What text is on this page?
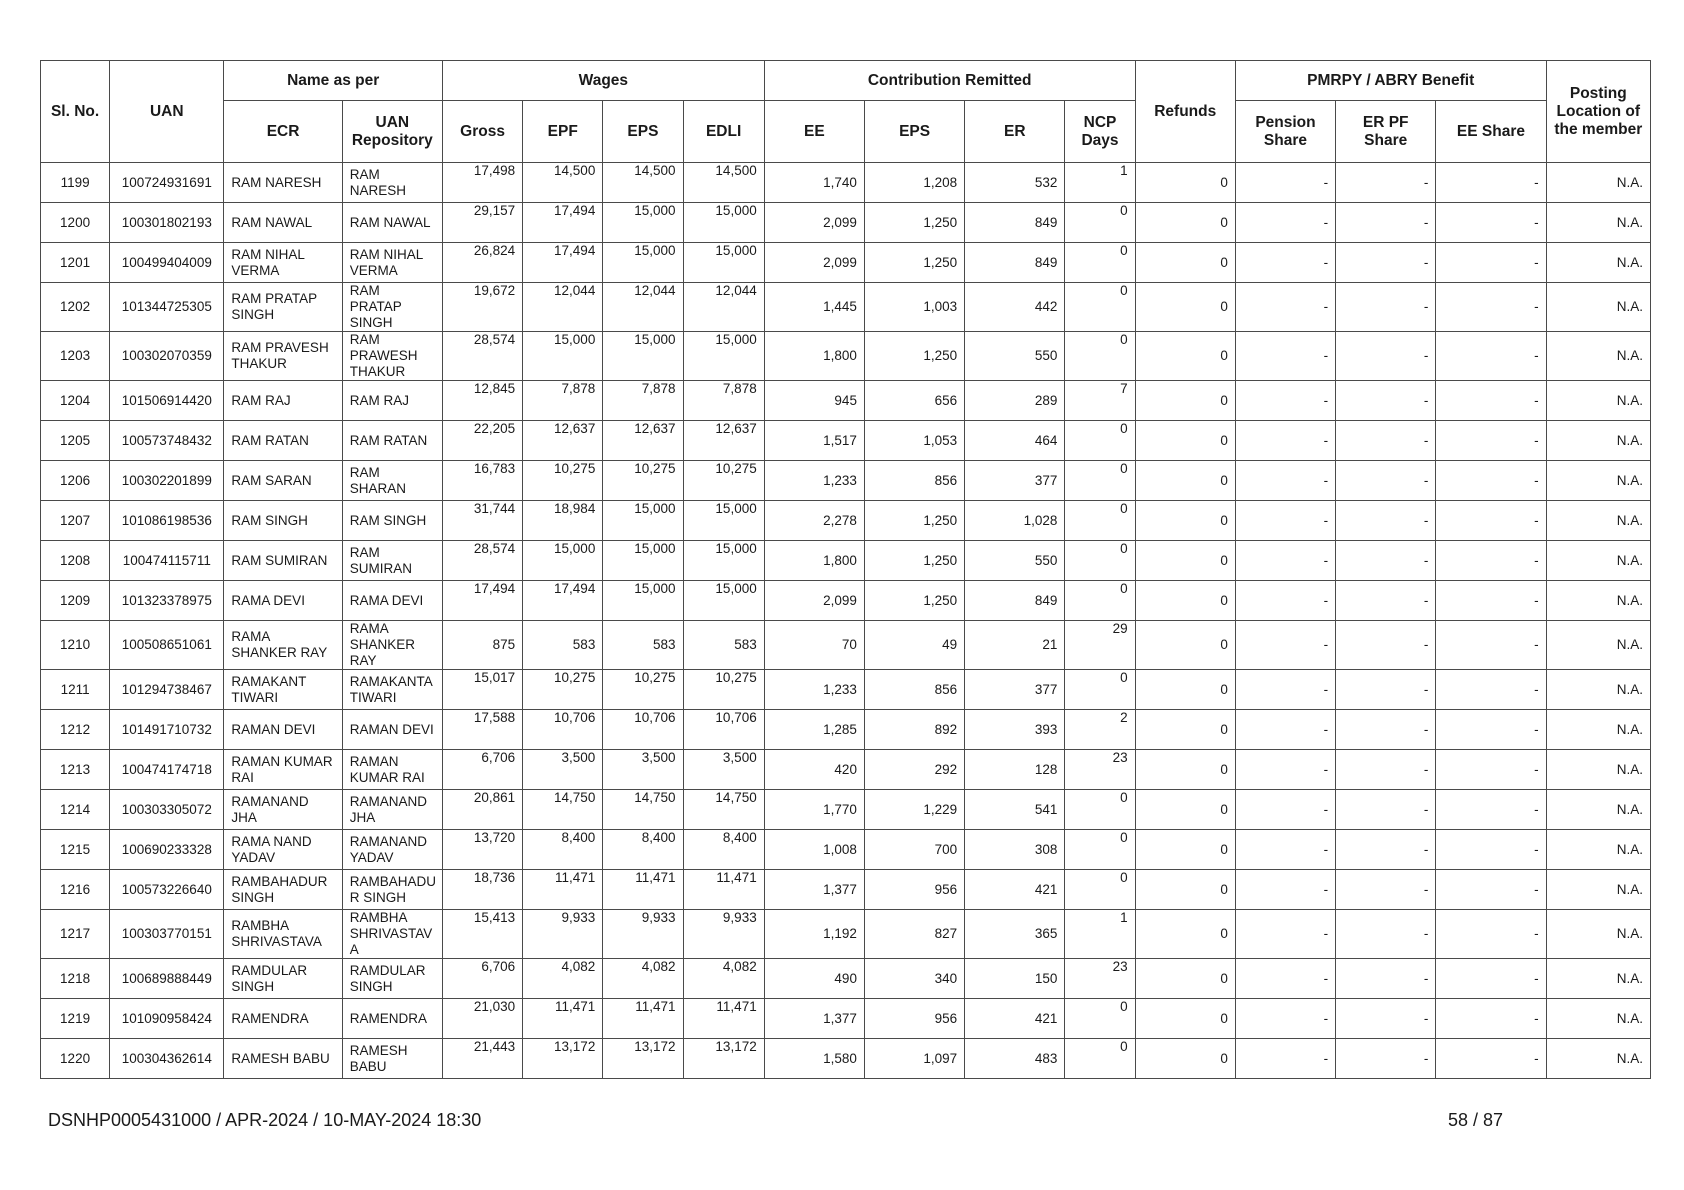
Sl. No.	UAN	Name as per		Wages				Contribution Remitted				Refunds	PMRPY / ABRY Benefit			Posting Location of the member
		ECR	UAN Repository	Gross	EPF	EPS	EDLI	EE	EPS	ER	NCP Days		Pension Share	ER PF Share	EE Share	
1199	100724931691	RAM NARESH	RAM NARESH	17,498	14,500	14,500	14,500	1,740	1,208	532	1	0	-	-	-	N.A.
1200	100301802193	RAM NAWAL	RAM NAWAL	29,157	17,494	15,000	15,000	2,099	1,250	849	0	0	-	-	-	N.A.
1201	100499404009	RAM NIHAL VERMA	RAM NIHAL VERMA	26,824	17,494	15,000	15,000	2,099	1,250	849	0	0	-	-	-	N.A.
1202	101344725305	RAM PRATAP SINGH	RAM PRATAP SINGH	19,672	12,044	12,044	12,044	1,445	1,003	442	0	0	-	-	-	N.A.
1203	100302070359	RAM PRAVESH THAKUR	RAM PRAWESH THAKUR	28,574	15,000	15,000	15,000	1,800	1,250	550	0	0	-	-	-	N.A.
1204	101506914420	RAM RAJ	RAM RAJ	12,845	7,878	7,878	7,878	945	656	289	7	0	-	-	-	N.A.
1205	100573748432	RAM RATAN	RAM RATAN	22,205	12,637	12,637	12,637	1,517	1,053	464	0	0	-	-	-	N.A.
1206	100302201899	RAM SARAN	RAM SHARAN	16,783	10,275	10,275	10,275	1,233	856	377	0	0	-	-	-	N.A.
1207	101086198536	RAM SINGH	RAM SINGH	31,744	18,984	15,000	15,000	2,278	1,250	1,028	0	0	-	-	-	N.A.
1208	100474115711	RAM SUMIRAN	RAM SUMIRAN	28,574	15,000	15,000	15,000	1,800	1,250	550	0	0	-	-	-	N.A.
1209	101323378975	RAMA DEVI	RAMA DEVI	17,494	17,494	15,000	15,000	2,099	1,250	849	0	0	-	-	-	N.A.
1210	100508651061	RAMA SHANKER RAY	RAMA SHANKER RAY	875	583	583	583	70	49	21	29	0	-	-	-	N.A.
1211	101294738467	RAMAKANT TIWARI	RAMAKANTA TIWARI	15,017	10,275	10,275	10,275	1,233	856	377	0	0	-	-	-	N.A.
1212	101491710732	RAMAN DEVI	RAMAN DEVI	17,588	10,706	10,706	10,706	1,285	892	393	2	0	-	-	-	N.A.
1213	100474174718	RAMAN KUMAR RAI	RAMAN KUMAR RAI	6,706	3,500	3,500	3,500	420	292	128	23	0	-	-	-	N.A.
1214	100303305072	RAMANAND JHA	RAMANAND JHA	20,861	14,750	14,750	14,750	1,770	1,229	541	0	0	-	-	-	N.A.
1215	100690233328	RAMA NAND YADAV	RAMANAND YADAV	13,720	8,400	8,400	8,400	1,008	700	308	0	0	-	-	-	N.A.
1216	100573226640	RAMBAHADUR SINGH	RAMBAHADU R SINGH	18,736	11,471	11,471	11,471	1,377	956	421	0	0	-	-	-	N.A.
1217	100303770151	RAMBHA SHRIVASTAVA	RAMBHA SHRIVASTAV A	15,413	9,933	9,933	9,933	1,192	827	365	1	0	-	-	-	N.A.
1218	100689888449	RAMDULAR SINGH	RAMDULAR SINGH	6,706	4,082	4,082	4,082	490	340	150	23	0	-	-	-	N.A.
1219	101090958424	RAMENDRA	RAMENDRA	21,030	11,471	11,471	11,471	1,377	956	421	0	0	-	-	-	N.A.
1220	100304362614	RAMESH BABU	RAMESH BABU	21,443	13,172	13,172	13,172	1,580	1,097	483	0	0	-	-	-	N.A.
DSNHP0005431000 / APR-2024 / 10-MAY-2024 18:30	58 / 87
